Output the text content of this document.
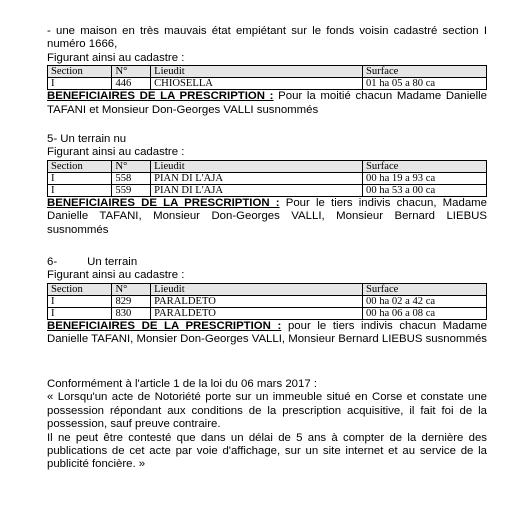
- une maison en très mauvais état empiétant sur le fonds voisin cadastré section I numéro 1666,

Figurant ainsi au cadastre :

Section	N°	Lieudit	Surface
I	446	CHIOSELLA	01 ha 05 a 80 ca

BENEFICIAIRES DE LA PRESCRIPTION : Pour la moitié chacun Madame Danielle TAFANI et Monsieur Don-Georges VALLI susnommés

5- Un terrain nu

Figurant ainsi au cadastre :

Section	N°	Lieudit	Surface
I	558	PIAN DI L'AJA	00 ha 19 a 93 ca
I	559	PIAN DI L'AJA	00 ha 53 a 00 ca

BENEFICIAIRES DE LA PRESCRIPTION : Pour le tiers indivis chacun, Madame Danielle TAFANI, Monsieur Don-Georges VALLI, Monsieur Bernard LIEBUS susnommés

6-	Un terrain

Figurant ainsi au cadastre :

Section	N°	Lieudit	Surface
I	829	PARALDETO	00 ha 02 a 42 ca
I	830	PARALDETO	00 ha 06 a 08 ca

BENEFICIAIRES DE LA PRESCRIPTION : pour le tiers indivis chacun Madame Danielle TAFANI, Monsier Don-Georges VALLI, Monsieur Bernard LIEBUS susnommés

Conformément à l'article 1 de la loi du 06 mars 2017 :

« Lorsqu'un acte de Notoriété porte sur un immeuble situé en Corse et constate une possession répondant aux conditions de la prescription acquisitive, il fait foi de la possession, sauf preuve contraire.

Il ne peut être contesté que dans un délai de 5 ans à compter de la dernière des publications de cet acte par voie d'affichage, sur un site internet et au service de la publicité foncière. »
